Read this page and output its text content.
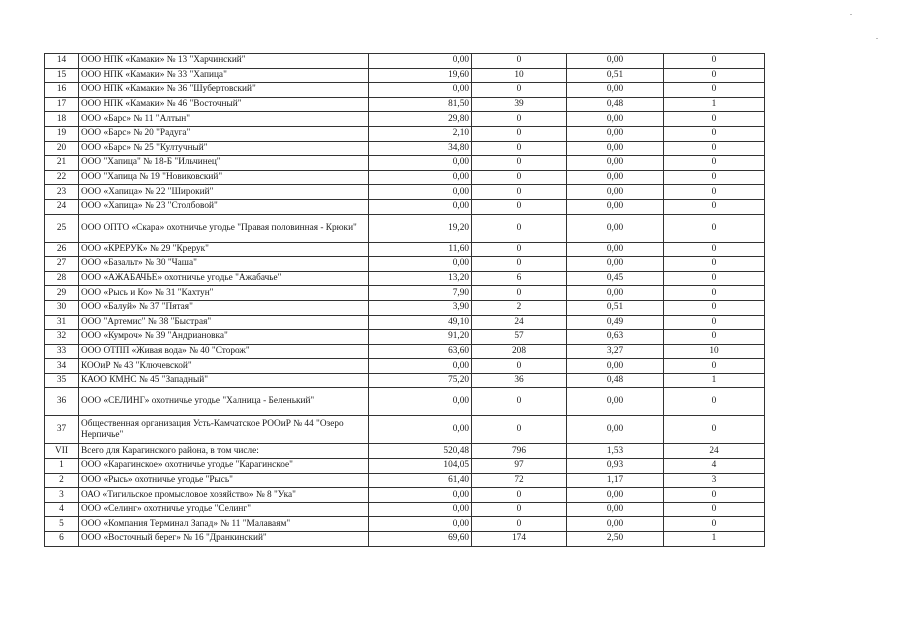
14	ООО НПК «Камаки» № 13 "Харчинский"	0,00	0	0,00	0
15	ООО НПК «Камаки» № 33 "Хапица"	19,60	10	0,51	0
16	ООО НПК «Камаки» № 36 "Шубертовский"	0,00	0	0,00	0
17	ООО НПК «Камаки» № 46 "Восточный"	81,50	39	0,48	1
18	ООО «Барс» № 11 "Алтын"	29,80	0	0,00	0
19	ООО «Барс» № 20 "Радуга"	2,10	0	0,00	0
20	ООО «Барс» № 25 "Култучный"	34,80	0	0,00	0
21	ООО "Хапица" № 18-Б "Ильчинец"	0,00	0	0,00	0
22	ООО "Хапица № 19 "Новиковский"	0,00	0	0,00	0
23	ООО «Хапица» № 22 "Широкий"	0,00	0	0,00	0
24	ООО «Хапица» № 23 "Столбовой"	0,00	0	0,00	0
25	ООО ОПТО «Скара» охотничье угодье "Правая половинная - Крюки"	19,20	0	0,00	0
26	ООО «КРЕРУК» № 29 "Крерук"	11,60	0	0,00	0
27	ООО «Базальт» № 30 "Чаша"	0,00	0	0,00	0
28	ООО «АЖАБАЧЬЕ» охотничье угодье "Ажабачье"	13,20	6	0,45	0
29	ООО «Рысь и Ко» № 31 "Кахтун"	7,90	0	0,00	0
30	ООО «Балуй» № 37 "Пятая"	3,90	2	0,51	0
31	ООО "Артемис" № 38 "Быстрая"	49,10	24	0,49	0
32	ООО «Кумроч» № 39 "Андриановка"	91,20	57	0,63	0
33	ООО ОТПП «Живая вода» № 40 "Сторож"	63,60	208	3,27	10
34	КООиР № 43 "Ключевской"	0,00	0	0,00	0
35	КАОО КМНС № 45 "Западный"	75,20	36	0,48	1
36	ООО «СЕЛИНГ» охотничье угодье "Халница - Беленький"	0,00	0	0,00	0
37	Общественная организация Усть-Камчатское РООиР № 44 "Озеро Нерпичье"	0,00	0	0,00	0
VII	Всего для Карагинского района, в том числе:	520,48	796	1,53	24
1	ООО «Карагинское» охотничье угодье "Карагинское"	104,05	97	0,93	4
2	ООО «Рысь» охотничье угодье "Рысь"	61,40	72	1,17	3
3	ОАО «Тигильское промысловое хозяйство» № 8 "Ука"	0,00	0	0,00	0
4	ООО «Селинг» охотничье угодье "Селинг"	0,00	0	0,00	0
5	ООО «Компания Терминал Запад» № 11 "Малаваям"	0,00	0	0,00	0
6	ООО «Восточный берег» № 16 "Дранкинский"	69,60	174	2,50	1
